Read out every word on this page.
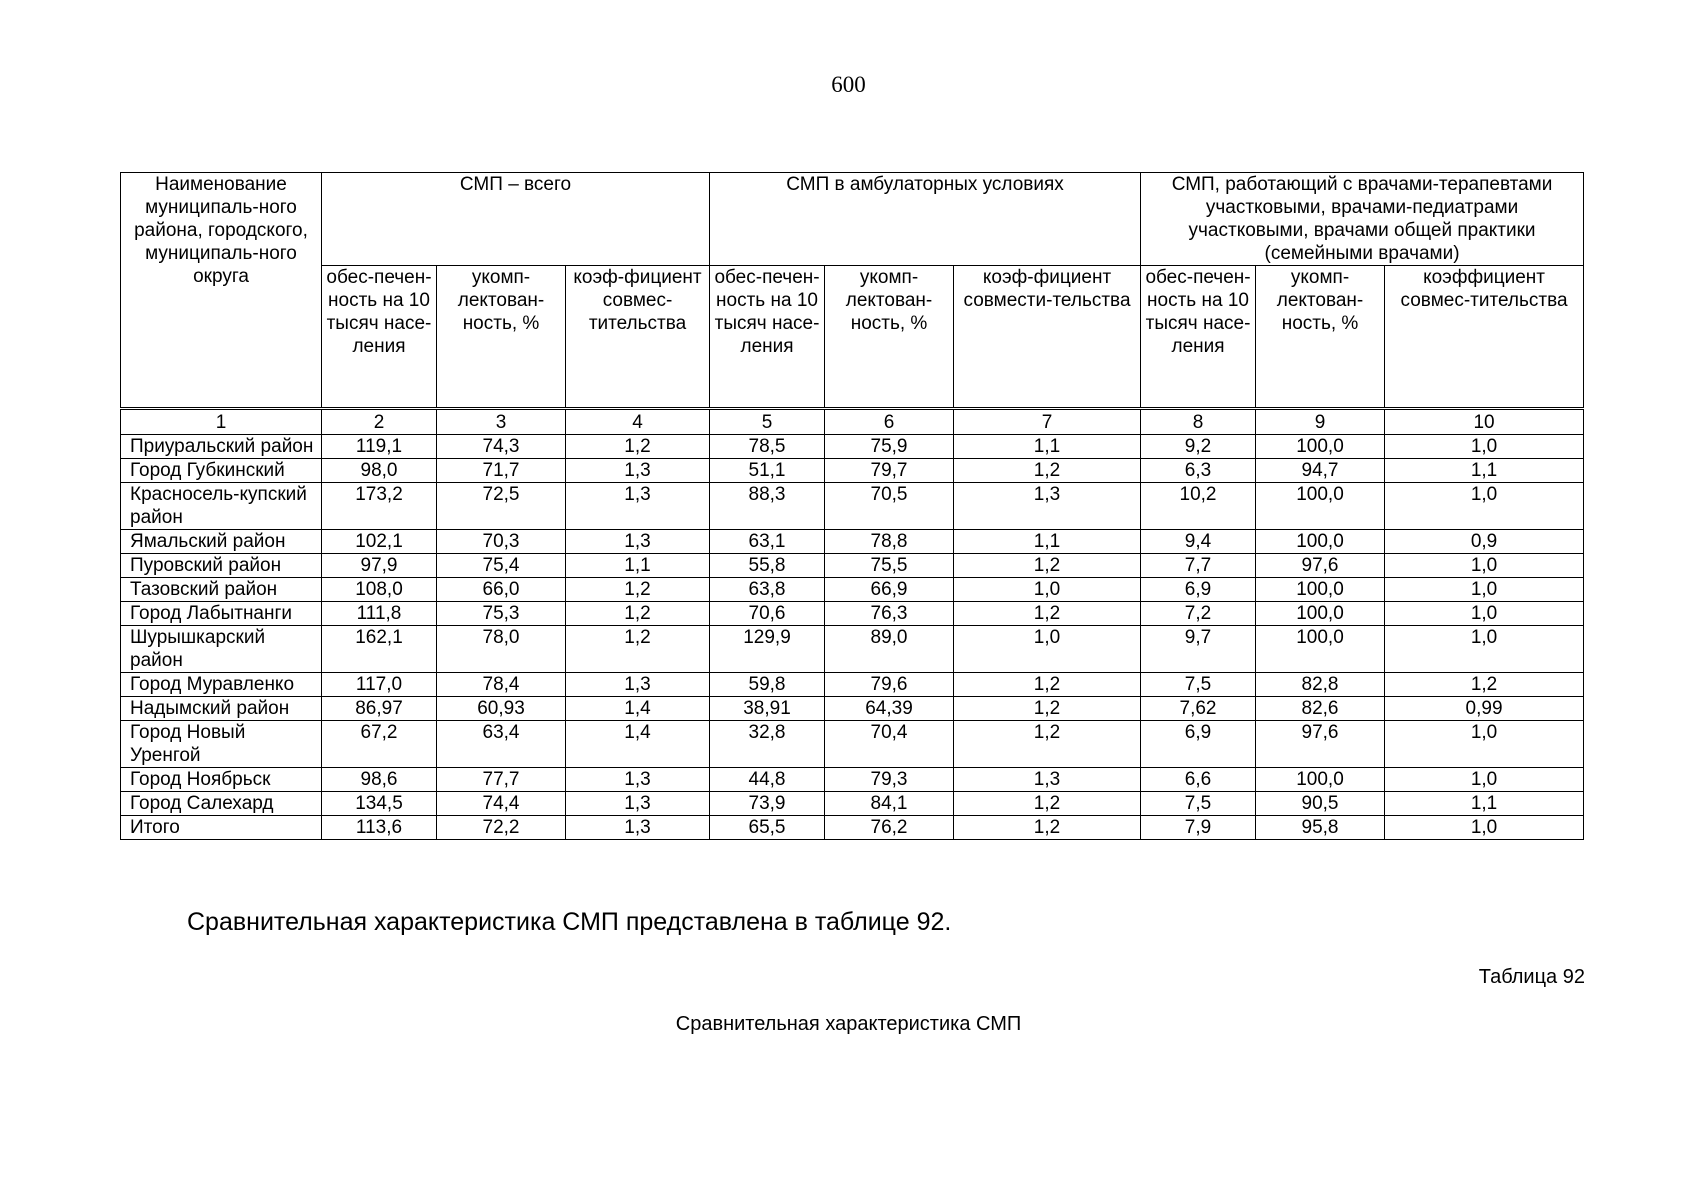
600
Наименование муниципаль-ного района, городского, муниципаль-ного округа	СМП – всего			СМП в амбулаторных условиях			СМП, работающий с врачами-терапевтами участковыми, врачами-педиатрами участковыми, врачами общей практики (семейными врачами)		
	обес-печен-ность на 10 тысяч насе-ления	укомп-лектован-ность, %	коэф-фициент совмес-тительства	обес-печен-ность на 10 тысяч насе-ления	укомп-лектован-ность, %	коэф-фициент совмести-тельства	обес-печен-ность на 10 тысяч насе-ления	укомп-лектован-ность, %	коэффициент совмес-тительства
1	2	3	4	5	6	7	8	9	10
Приуральский район	119,1	74,3	1,2	78,5	75,9	1,1	9,2	100,0	1,0
Город Губкинский	98,0	71,7	1,3	51,1	79,7	1,2	6,3	94,7	1,1
Красносель-купский район	173,2	72,5	1,3	88,3	70,5	1,3	10,2	100,0	1,0
Ямальский район	102,1	70,3	1,3	63,1	78,8	1,1	9,4	100,0	0,9
Пуровский район	97,9	75,4	1,1	55,8	75,5	1,2	7,7	97,6	1,0
Тазовский район	108,0	66,0	1,2	63,8	66,9	1,0	6,9	100,0	1,0
Город Лабытнанги	111,8	75,3	1,2	70,6	76,3	1,2	7,2	100,0	1,0
Шурышкарский район	162,1	78,0	1,2	129,9	89,0	1,0	9,7	100,0	1,0
Город Муравленко	117,0	78,4	1,3	59,8	79,6	1,2	7,5	82,8	1,2
Надымский район	86,97	60,93	1,4	38,91	64,39	1,2	7,62	82,6	0,99
Город Новый Уренгой	67,2	63,4	1,4	32,8	70,4	1,2	6,9	97,6	1,0
Город Ноябрьск	98,6	77,7	1,3	44,8	79,3	1,3	6,6	100,0	1,0
Город Салехард	134,5	74,4	1,3	73,9	84,1	1,2	7,5	90,5	1,1
Итого	113,6	72,2	1,3	65,5	76,2	1,2	7,9	95,8	1,0
Сравнительная характеристика СМП представлена в таблице 92.
Таблица 92
Сравнительная характеристика СМП
